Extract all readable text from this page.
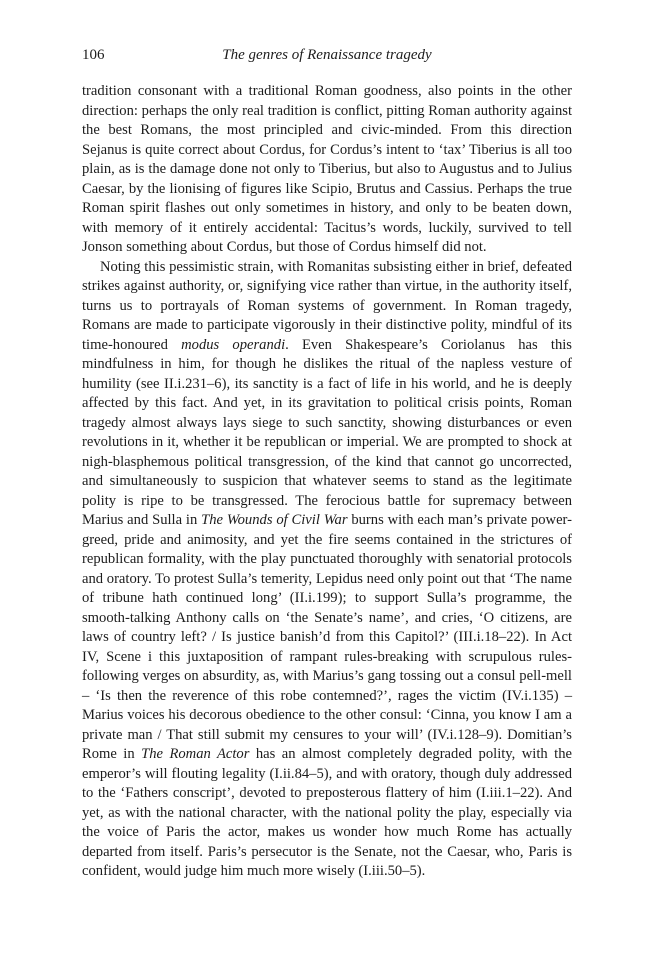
106	The genres of Renaissance tragedy

tradition consonant with a traditional Roman goodness, also points in the other direction: perhaps the only real tradition is conflict, pitting Roman authority against the best Romans, the most principled and civic-minded. From this direction Sejanus is quite correct about Cordus, for Cordus’s intent to ‘tax’ Tiberius is all too plain, as is the damage done not only to Tiberius, but also to Augustus and to Julius Caesar, by the lionising of figures like Scipio, Brutus and Cassius. Perhaps the true Roman spirit flashes out only sometimes in history, and only to be beaten down, with memory of it entirely accidental: Tacitus’s words, luckily, survived to tell Jonson something about Cordus, but those of Cordus himself did not.

Noting this pessimistic strain, with Romanitas subsisting either in brief, defeated strikes against authority, or, signifying vice rather than virtue, in the authority itself, turns us to portrayals of Roman systems of government. In Roman tragedy, Romans are made to participate vigorously in their distinctive polity, mindful of its time-honoured modus operandi. Even Shakespeare’s Coriolanus has this mindfulness in him, for though he dislikes the ritual of the napless vesture of humility (see II.i.231–6), its sanctity is a fact of life in his world, and he is deeply affected by this fact. And yet, in its gravitation to political crisis points, Roman tragedy almost always lays siege to such sanctity, showing disturbances or even revolutions in it, whether it be republican or imperial. We are prompted to shock at nigh-blasphemous political transgression, of the kind that cannot go uncorrected, and simultaneously to suspicion that whatever seems to stand as the legitimate polity is ripe to be transgressed. The ferocious battle for supremacy between Marius and Sulla in The Wounds of Civil War burns with each man’s private power-greed, pride and animosity, and yet the fire seems contained in the strictures of republican formality, with the play punctuated thoroughly with senatorial protocols and oratory. To protest Sulla’s temerity, Lepidus need only point out that ‘The name of tribune hath continued long’ (II.i.199); to support Sulla’s programme, the smooth-talking Anthony calls on ‘the Senate’s name’, and cries, ‘O citizens, are laws of country left? / Is justice banish’d from this Capitol?’ (III.i.18–22). In Act IV, Scene i this juxtaposition of rampant rules-breaking with scrupulous rules-following verges on absurdity, as, with Marius’s gang tossing out a consul pell-mell – ‘Is then the reverence of this robe contemned?’, rages the victim (IV.i.135) – Marius voices his decorous obedience to the other consul: ‘Cinna, you know I am a private man / That still submit my censures to your will’ (IV.i.128–9). Domitian’s Rome in The Roman Actor has an almost completely degraded polity, with the emperor’s will flouting legality (I.ii.84–5), and with oratory, though duly addressed to the ‘Fathers conscript’, devoted to preposterous flattery of him (I.iii.1–22). And yet, as with the national character, with the national polity the play, especially via the voice of Paris the actor, makes us wonder how much Rome has actually departed from itself. Paris’s persecutor is the Senate, not the Caesar, who, Paris is confident, would judge him much more wisely (I.iii.50–5).
